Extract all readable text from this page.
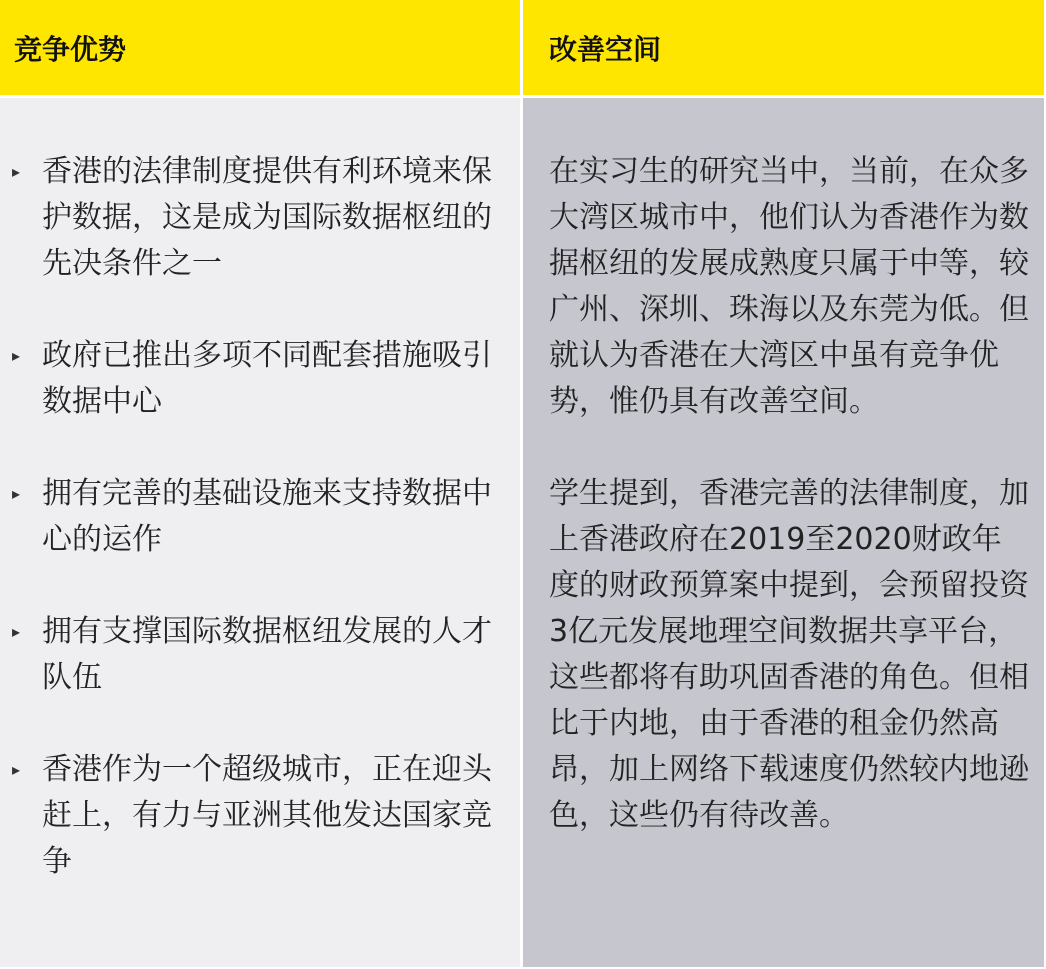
竞争优势	改善空间
▸ 香港的法律制度提供有利环境来保护数据，这是成为国际数据枢纽的先决条件之一
▸ 政府已推出多项不同配套措施吸引数据中心
▸ 拥有完善的基础设施来支持数据中心的运作
▸ 拥有支撑国际数据枢纽发展的人才队伍
▸ 香港作为一个超级城市，正在迎头赶上，有力与亚洲其他发达国家竞争

在实习生的研究当中，当前，在众多大湾区城市中，他们认为香港作为数据枢纽的发展成熟度只属于中等，较广州、深圳、珠海以及东莞为低。但就认为香港在大湾区中虽有竞争优势，惟仍具有改善空间。

学生提到，香港完善的法律制度，加上香港政府在2019至2020财政年度的财政预算案中提到，会预留投资3亿元发展地理空间数据共享平台，这些都将有助巩固香港的角色。但相比于内地，由于香港的租金仍然高昂，加上网络下载速度仍然较内地逊色，这些仍有待改善。
